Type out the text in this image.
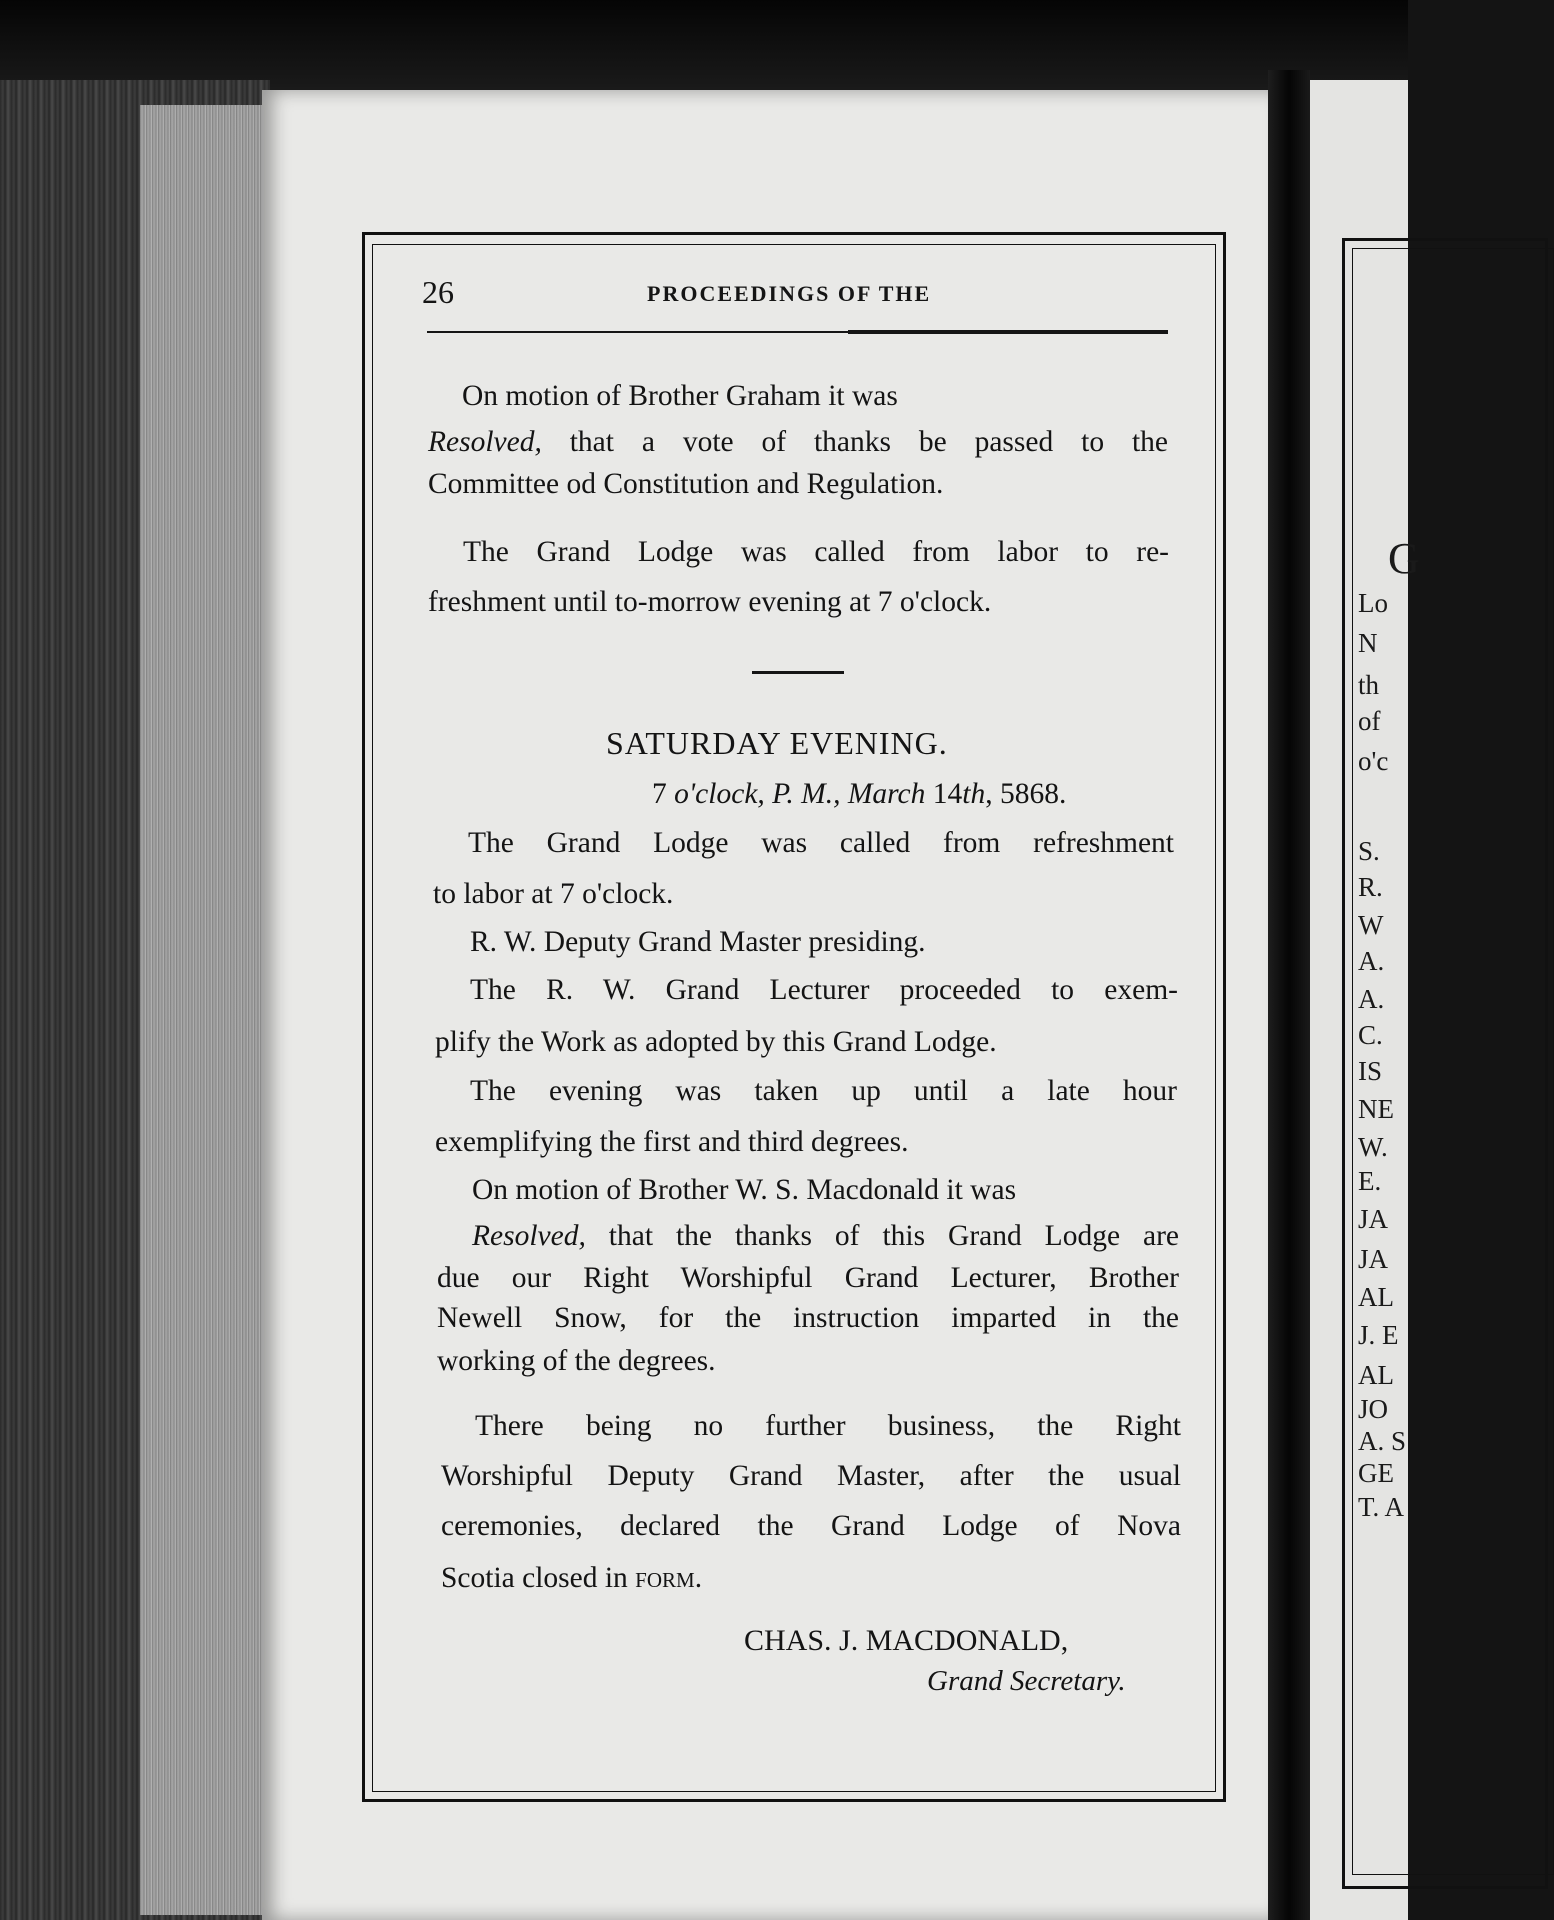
G
Lo
N
th
of
o'c
S.
R.
W
A.
A.
C.
IS
NE
W.
E.
JA
JA
AL
J. E
AL
JO
A. S
GE
T. A
26	PROCEEDINGS OF THE
On motion of Brother Graham it was
Resolved, that a vote of thanks be passed to the
Committee od Constitution and Regulation.
The Grand Lodge was called from labor to re-
freshment until to-morrow evening at 7 o'clock.
SATURDAY EVENING.
7 o'clock, P. M., March 14th, 5868.
The Grand Lodge was called from refreshment
to labor at 7 o'clock.
R. W. Deputy Grand Master presiding.
The R. W. Grand Lecturer proceeded to exem-
plify the Work as adopted by this Grand Lodge.
The evening was taken up until a late hour
exemplifying the first and third degrees.
On motion of Brother W. S. Macdonald it was
Resolved, that the thanks of this Grand Lodge are
due our Right Worshipful Grand Lecturer, Brother
Newell Snow, for the instruction imparted in the
working of the degrees.
There being no further business, the Right
Worshipful Deputy Grand Master, after the usual
ceremonies, declared the Grand Lodge of Nova
Scotia closed in form.
CHAS. J. MACDONALD,
Grand Secretary.
